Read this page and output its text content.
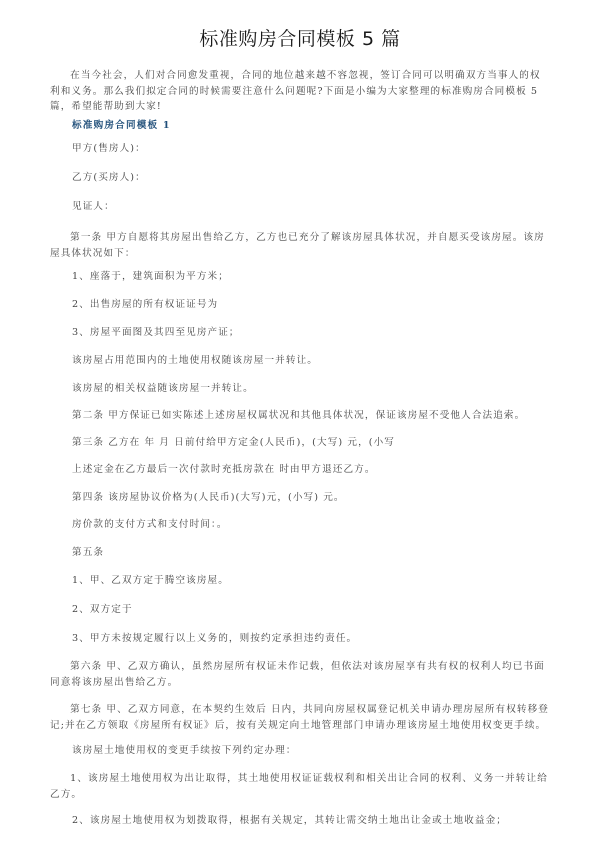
标准购房合同模板 5 篇

在当今社会，人们对合同愈发重视，合同的地位越来越不容忽视，签订合同可以明确双方当事人的权利和义务。那么我们拟定合同的时候需要注意什么问题呢?下面是小编为大家整理的标准购房合同模板 5 篇，希望能帮助到大家!

标准购房合同模板 1

甲方(售房人)：

乙方(买房人)：

见证人：

第一条 甲方自愿将其房屋出售给乙方，乙方也已充分了解该房屋具体状况，并自愿买受该房屋。该房屋具体状况如下：

1、座落于，建筑面积为平方米；

2、出售房屋的所有权证证号为

3、房屋平面图及其四至见房产证；

该房屋占用范围内的土地使用权随该房屋一并转让。

该房屋的相关权益随该房屋一并转让。

第二条 甲方保证已如实陈述上述房屋权属状况和其他具体状况，保证该房屋不受他人合法追索。

第三条 乙方在 年 月 日前付给甲方定金(人民币)，(大写) 元，(小写

上述定金在乙方最后一次付款时充抵房款在 时由甲方退还乙方。

第四条 该房屋协议价格为(人民币)(大写)元，(小写) 元。

房价款的支付方式和支付时间：。

第五条

1、甲、乙双方定于腾空该房屋。

2、双方定于

3、甲方未按规定履行以上义务的，则按约定承担违约责任。

第六条 甲、乙双方确认，虽然房屋所有权证未作记载，但依法对该房屋享有共有权的权利人均已书面同意将该房屋出售给乙方。

第七条 甲、乙双方同意，在本契约生效后 日内，共同向房屋权属登记机关申请办理房屋所有权转移登记;并在乙方领取《房屋所有权证》后，按有关规定向土地管理部门申请办理该房屋土地使用权变更手续。

该房屋土地使用权的变更手续按下列约定办理：

1、该房屋土地使用权为出让取得，其土地使用权证证载权利和相关出让合同的权利、义务一并转让给乙方。

2、该房屋土地使用权为划拨取得，根据有关规定，其转让需交纳土地出让金或土地收益金；
